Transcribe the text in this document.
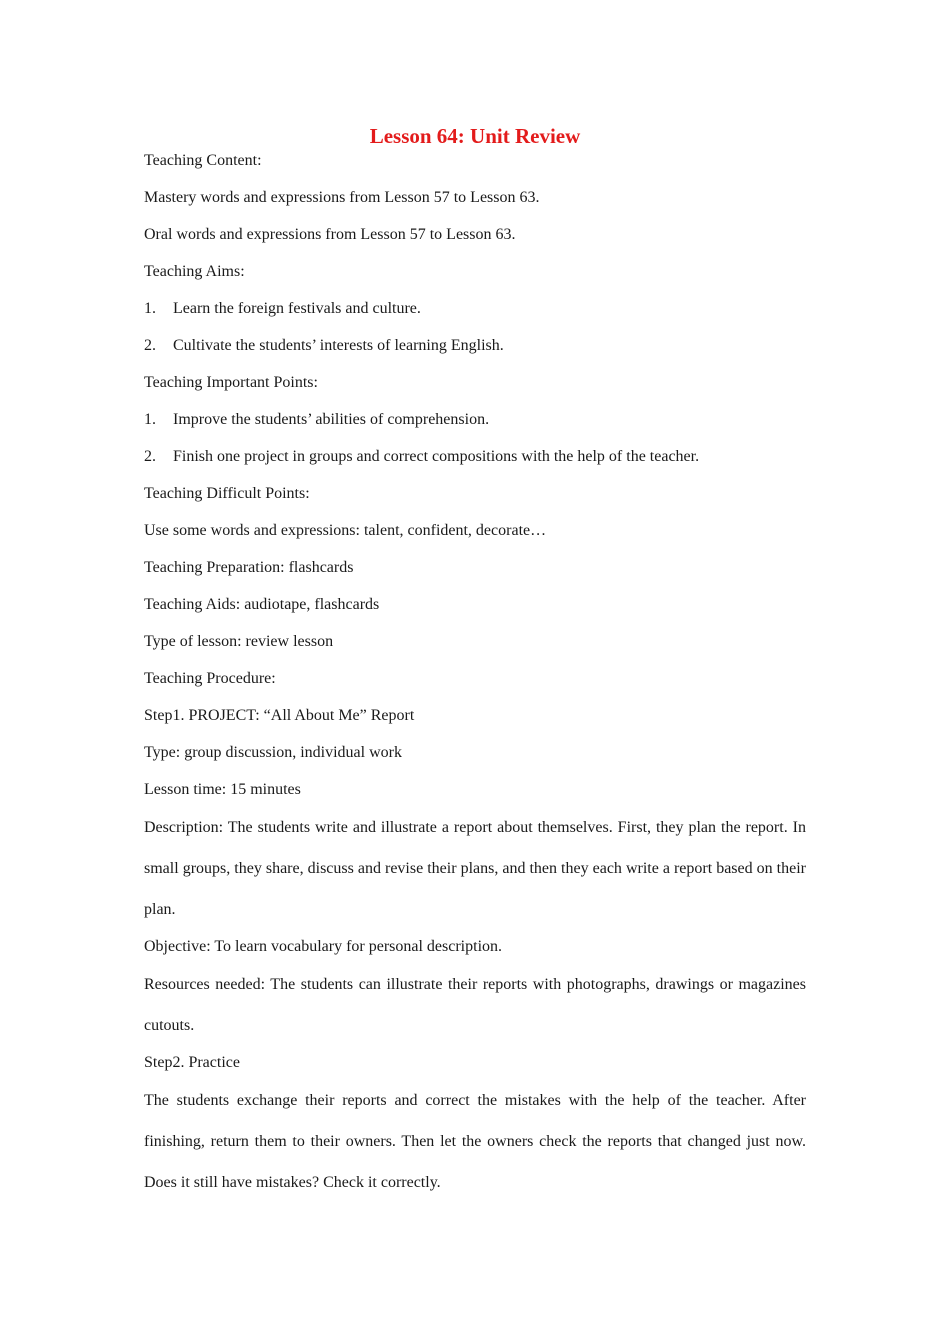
Lesson 64: Unit Review
Teaching Content:
Mastery words and expressions from Lesson 57 to Lesson 63.
Oral words and expressions from Lesson 57 to Lesson 63.
Teaching Aims:
1. Learn the foreign festivals and culture.
2. Cultivate the students’ interests of learning English.
Teaching Important Points:
1. Improve the students’ abilities of comprehension.
2. Finish one project in groups and correct compositions with the help of the teacher.
Teaching Difficult Points:
Use some words and expressions: talent, confident, decorate…
Teaching Preparation: flashcards
Teaching Aids: audiotape, flashcards
Type of lesson: review lesson
Teaching Procedure:
Step1. PROJECT: “All About Me” Report
Type: group discussion, individual work
Lesson time: 15 minutes
Description: The students write and illustrate a report about themselves. First, they plan the report. In small groups, they share, discuss and revise their plans, and then they each write a report based on their plan.
Objective: To learn vocabulary for personal description.
Resources needed: The students can illustrate their reports with photographs, drawings or magazines cutouts.
Step2. Practice
The students exchange their reports and correct the mistakes with the help of the teacher. After finishing, return them to their owners. Then let the owners check the reports that changed just now. Does it still have mistakes? Check it correctly.
